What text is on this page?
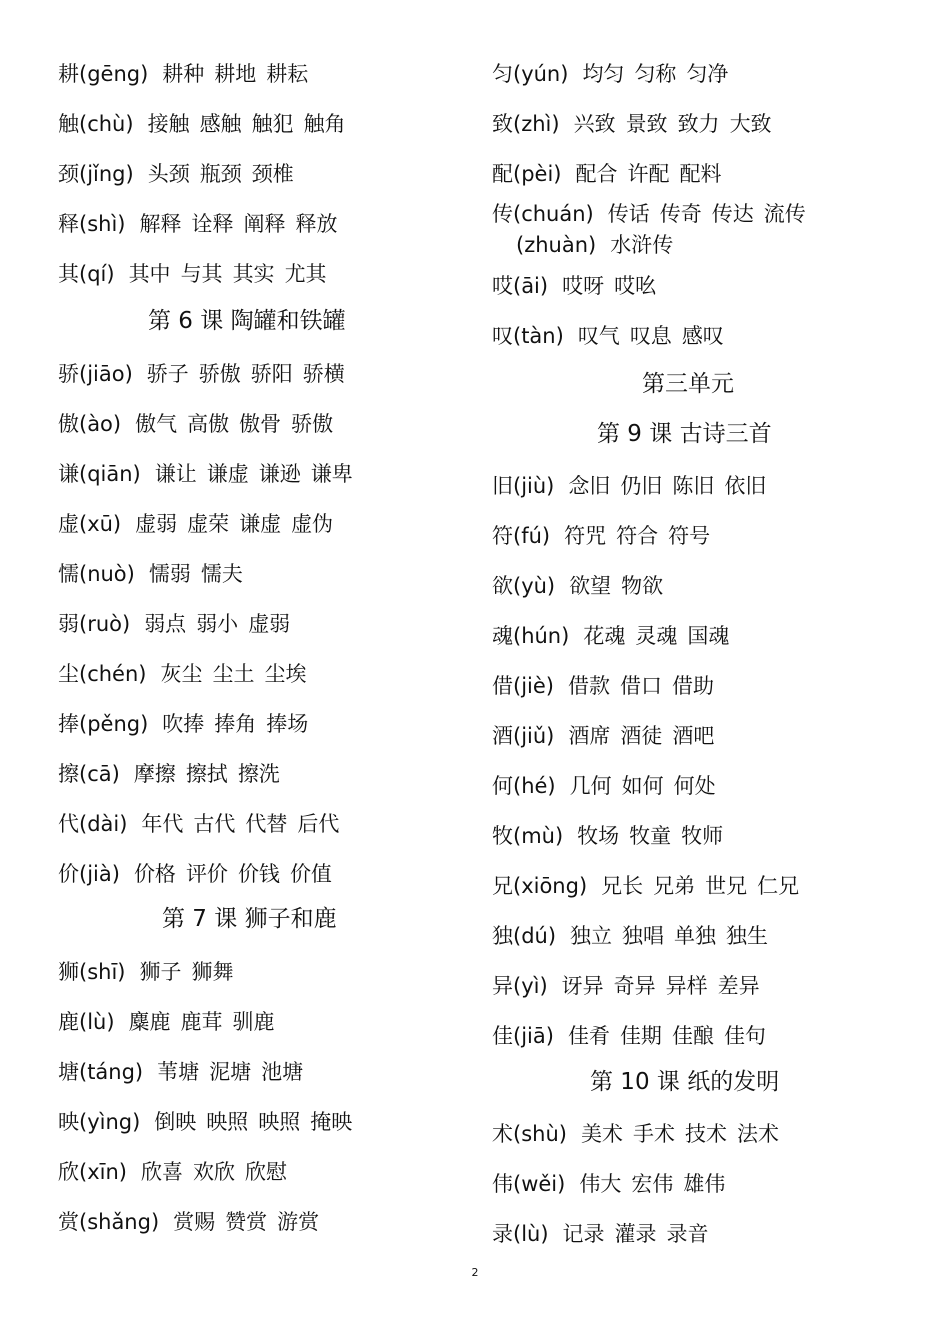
耕(gēng) 耕种 耕地 耕耘
触(chù) 接触 感触 触犯 触角
颈(jǐng) 头颈 瓶颈 颈椎
释(shì) 解释 诠释 阐释 释放
其(qí) 其中 与其 其实 尤其
第 6 课 陶罐和铁罐
骄(jiāo) 骄子 骄傲 骄阳 骄横
傲(ào) 傲气 高傲 傲骨 骄傲
谦(qiān) 谦让 谦虚 谦逊 谦卑
虚(xū) 虚弱 虚荣 谦虚 虚伪
懦(nuò) 懦弱 懦夫
弱(ruò) 弱点 弱小 虚弱
尘(chén) 灰尘 尘土 尘埃
捧(pěng) 吹捧 捧角 捧场
擦(cā) 摩擦 擦拭 擦洗
代(dài) 年代 古代 代替 后代
价(jià) 价格 评价 价钱 价值
第 7 课 狮子和鹿
狮(shī) 狮子 狮舞
鹿(lù) 麋鹿 鹿茸 驯鹿
塘(táng) 苇塘 泥塘 池塘
映(yìng) 倒映 映照 映照 掩映
欣(xīn) 欣喜 欢欣 欣慰
赏(shǎng) 赏赐 赞赏 游赏
匀(yún) 均匀 匀称 匀净
致(zhì) 兴致 景致 致力 大致
配(pèi) 配合 许配 配料
传(chuán) 传话 传奇 传达 流传
(zhuàn) 水浒传
哎(āi) 哎呀 哎吆
叹(tàn) 叹气 叹息 感叹
第三单元
第 9 课 古诗三首
旧(jiù) 念旧 仍旧 陈旧 依旧
符(fú) 符咒 符合 符号
欲(yù) 欲望 物欲
魂(hún) 花魂 灵魂 国魂
借(jiè) 借款 借口 借助
酒(jiǔ) 酒席 酒徒 酒吧
何(hé) 几何 如何 何处
牧(mù) 牧场 牧童 牧师
兄(xiōng) 兄长 兄弟 世兄 仁兄
独(dú) 独立 独唱 单独 独生
异(yì) 讶异 奇异 异样 差异
佳(jiā) 佳肴 佳期 佳酿 佳句
第 10 课 纸的发明
术(shù) 美术 手术 技术 法术
伟(wěi) 伟大 宏伟 雄伟
录(lù) 记录 灌录 录音
2
